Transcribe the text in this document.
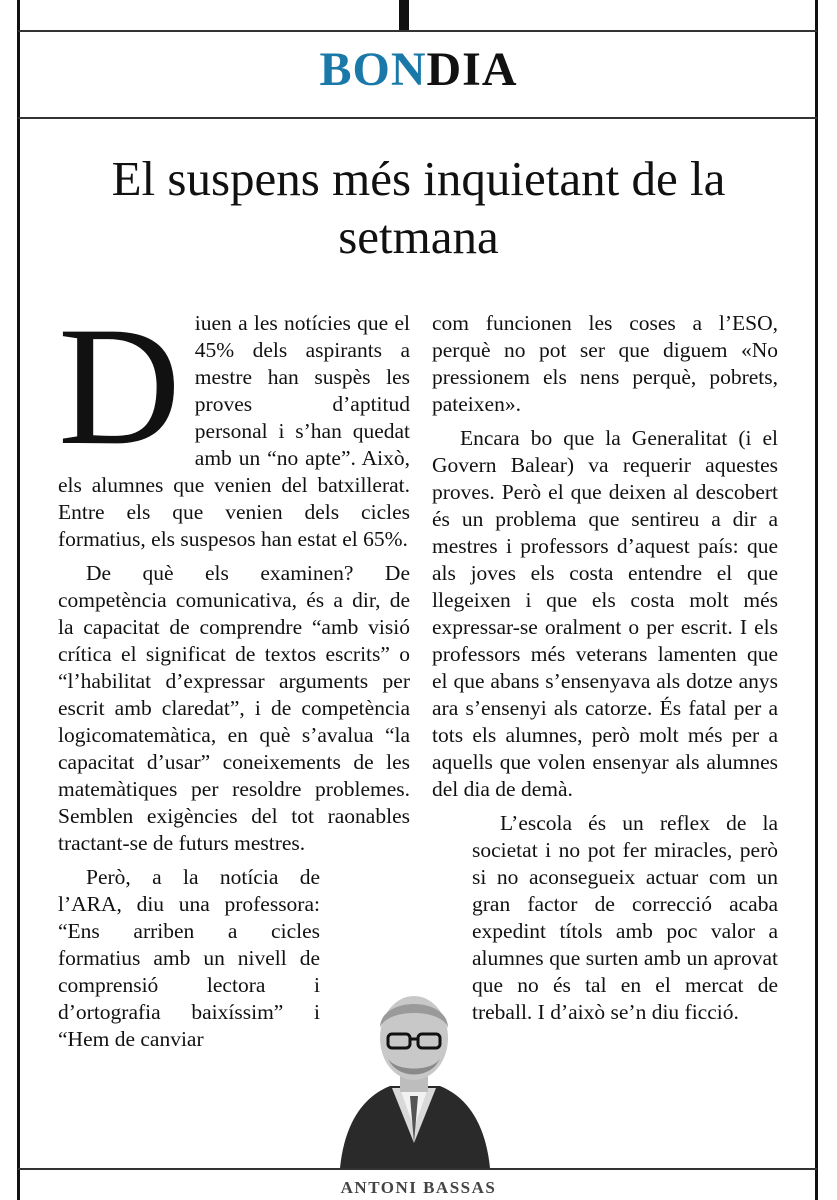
BONDIA
El suspens més inquietant de la setmana

D iuen a les notícies que el 45% dels aspirants a mestre han suspès les proves d’aptitud personal i s’han quedat amb un “no apte”. Això, els alumnes que venien del batxillerat. Entre els que venien dels cicles formatius, els suspesos han estat el 65%.

De què els examinen? De competència comunicativa, és a dir, de la capacitat de comprendre “amb visió crítica el significat de textos escrits” o “l’habilitat d’expressar arguments per escrit amb claredat”, i de competència logicomatemàtica, en què s’avalua “la capacitat d’usar” coneixements de les matemàtiques per resoldre problemes. Semblen exigències del tot raonables tractant-se de futurs mestres.

Però, a la notícia de l’ARA, diu una professora: “Ens arriben a cicles formatius amb un nivell de comprensió lectora i d’ortografia baixíssim” i “Hem de canviar

com funcionen les coses a l’ESO, perquè no pot ser que diguem «No pressionem els nens perquè, pobrets, pateixen».

Encara bo que la Generalitat (i el Govern Balear) va requerir aquestes proves. Però el que deixen al descobert és un problema que sentireu a dir a mestres i professors d’aquest país: que als joves els costa entendre el que llegeixen i que els costa molt més expressar-se oralment o per escrit. I els professors més veterans lamenten que el que abans s’ensenyava als dotze anys ara s’ensenyi als catorze. És fatal per a tots els alumnes, però molt més per a aquells que volen ensenyar als alumnes del dia de demà.

L’escola és un reflex de la societat i no pot fer miracles, però si no aconsegueix actuar com un gran factor de correcció acaba expedint títols amb poc valor a alumnes que surten amb un aprovat que no és tal en el mercat de treball. I d’això se’n diu ficció.

ANTONI BASSAS
